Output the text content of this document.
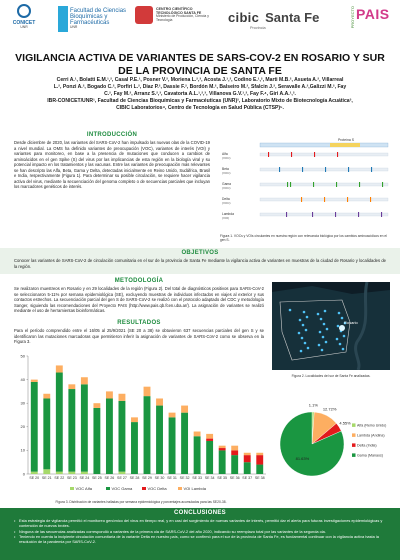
CONICET
UNR
Facultad de Ciencias Bioquímicas y Farmacéuticas
UNR
CENTRO CIENTÍFICO TECNOLÓGICO SANTA FE
Ministerio de Producción, Ciencia y Tecnología	cibic Santa Fe
Provincia	PROYECTO PAIS
VIGILANCIA ACTIVA DE VARIANTES DE SARS-COV-2 EN ROSARIO Y SUR
DE LA PROVINCIA DE SANTA FE
Cerri A.¹, Bolatti E.M.¹,², Casal P.E.¹, Posner V.², Moriena L.²,³, Acosta J.¹,², Codino E.¹,², Marti M.B.², Asueta A.², Villarreal
L.², Ponzi A.², Bogado C.², Porfiri L.², Diaz P.², Dassie F.², Bordón M.², Balseiro M.², Sfalcin J.², Seravalle A.²,Galizzi M.², Fay
C.², Fay M.², Arranz S.²,³, Cavatorta A.L.¹,²,³, Villanova G.V.¹,², Fay F.⁴, Giri A.A.¹,².
IBR-CONICET/UNR¹, Facultad de Ciencias Bioquímicas y Farmacéuticas (UNR)², Laboratorio Mixto de Biotecnología Acuática³,
CIBIC Laboratorios⁴, Centro de Tecnología en Salud Pública (CTSP)⁵.
INTRODUCCIÓN
Desde diciembre de 2020, las variantes del SARS-CoV-2 han impulsado las nuevas olas de la COVID-19 a nivel mundial. La OMS ha definido variantes de preocupación (VOC), variantes de interés (VOI) y variantes para monitoreo, en base a la presencia de mutaciones que conducen a cambios de aminoácidos en el gen Spike (S) del virus por las implicancias de esta región en la biología viral y su potencial impacto en los tratamientos y las vacunas. Entre las variantes de preocupación más relevantes se han descripto las Alfa, Beta, Gama y Delta, detectadas inicialmente en Reino Unido, Sudáfrica, Brasil e India, respectivamente (Figura 1). Para determinar su posible circulación, se requiere hacer vigilancia activa del virus, mediante la secuenciación del genoma completo o de secuencias parciales que incluyan los marcadores genéticos de interés.
Proteína S
Alfa
(VOC)
Beta
(VOC)
Gama
(VOC)
Delta
(VOC)
Lambda
(VOI)
Figura 1. VOCs y VOIs circulantes en nuestra región con relevancia biológica por los cambios aminoacídicos en el gen S.
OBJETIVOS
Conocer las variantes de SARS-CoV-2 de circulación comunitaria en el sur de la provincia de Santa Fe mediante la vigilancia activa de variantes en muestras de la ciudad de Rosario y localidades de la región.
METODOLOGÍA
Se realizaron muestreos en Rosario y en 29 localidades de la región (Figura 2). Del total de diagnósticos positivos para SARS-CoV-2 se seleccionaron 5-11% por semana epidemiológica (SE), excluyendo muestras de individuos infectados en viajes al exterior y sus contactos estrechos. La secuenciación parcial del gen S de SARS-CoV-2 se realizó con el protocolo adaptado del CDC y metodología Sanger, siguiendo las recomendaciones del Proyecto PAIS (http://www.pais.qb.fcen.uba.ar/). La asignación de variantes se realizó mediante el uso de herramientas bioinformáticas.
RESULTADOS
Para el período comprendido entre el 16/05 al 25/9/2021 (SE 20 a 38) se obtuvieron 637 secuencias parciales del gen S y se identificaron las mutaciones marcadoras que permitieron inferir la asignación de variantes de SARS-CoV-2 como se observa en la Figura 3.
Rosario
Figura 2. Localidades del sur de Santa Fe analizadas.
0
10
20
30
40
50
SE 20 SE 21 SE 22 SE 23 SE 24 SE 25 SE 26 SE 27 SE 28 SE 29 SE 30 SE 31 SE 32 SE 33 SE 34 SE 35 SE 36 SE 37 SE 38
VOC Alfa	VOC Gama	VOC Delta	VOI Lambda
Figura 3. Distribución de variantes halladas por semana epidemiológica y porcentajes acumulados para las SE20-38.
1.1%
12.72%
4.55%
81.63%
Alfa (Reino Unido)
Lambda (Andina)
Delta (India)
Gama (Manaos)
CONCLUSIONES
• Esta estrategia de vigilancia permitió el monitoreo genómico del virus en tiempo real, y en casi del surgimiento de nuevas variantes de interés, permitió dar el alerta para futuras investigaciones epidemiológicas y contención de nuevos brotes.
• Ninguna de las secuencias analizadas correspondió a variantes de la primera ola de SARS-CoV-2 del año 2020, indicando su reemplazo total por las variantes de la segunda ola.
• Teniendo en cuenta la incipiente circulación comunitaria de la variante Delta en nuestro país, como se confirmó para el sur de la provincia de Santa Fe, es fundamental continuar con la vigilancia activa hasta la resolución de la pandemia por SARS-CoV-2.
